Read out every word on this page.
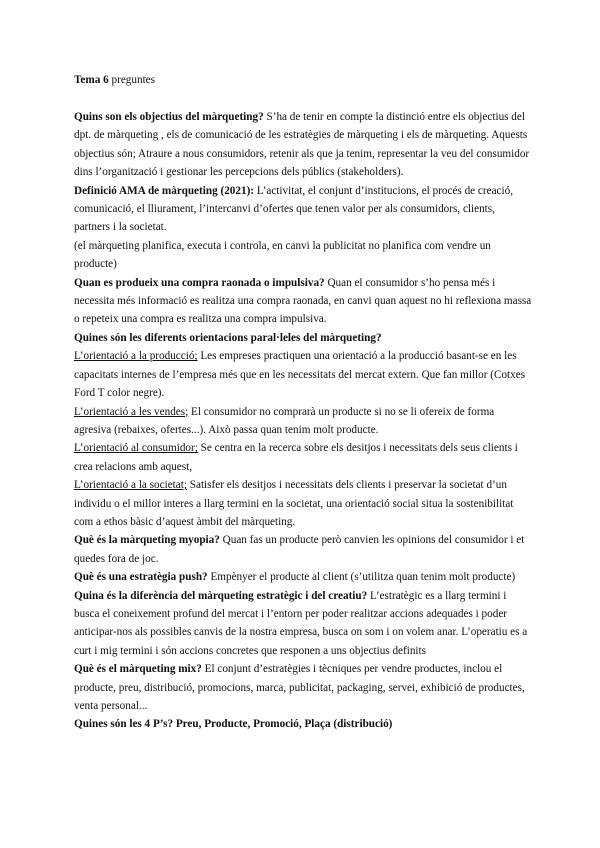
Tema 6 preguntes

Quins son els objectius del màrqueting? S’ha de tenir en compte la distinció entre els objectius del dpt. de màrqueting , els de comunicació de les estratègies de màrqueting i els de màrqueting. Aquests objectius són; Atraure a nous consumidors, retenir als que ja tenim, representar la veu del consumidor dins l’organització i gestionar les percepcions dels públics (stakeholders).

Definició AMA de màrqueting (2021): L’activitat, el conjunt d’institucions, el procés de creació, comunicació, el lliurament, l’intercanvi d’ofertes que tenen valor per als consumidors, clients, partners i la societat.

(el màrqueting planifica, executa i controla, en canvi la publicitat no planifica com vendre un producte)

Quan es produeix una compra raonada o impulsiva? Quan el consumidor s’ho pensa més i necessita més informació es realitza una compra raonada, en canvi quan aquest no hi reflexiona massa o repeteix una compra es realitza una compra impulsiva.

Quines són les diferents orientacions paral·leles del màrqueting?

L’orientació a la producció; Les empreses practiquen una orientació a la producció basant-se en les capacitats internes de l’empresa més que en les necessitats del mercat extern. Que fan millor (Cotxes Ford T color negre).

L’orientació a les vendes; El consumidor no comprarà un producte si no se li ofereix de forma agresiva (rebaixes, ofertes...). Això passa quan tenim molt producte.

L’orientació al consumidor; Se centra en la recerca sobre els desitjos i necessitats dels seus clients i crea relacions amb aquest,

L’orientació a la societat; Satisfer els desitjos i necessitats dels clients i preservar la societat d’un individu o el millor interes a llarg termini en la societat, una orientació social situa la sostenibilitat com a ethos bàsic d’aquest àmbit del màrqueting.

Què és la màrqueting myopia? Quan fas un producte però canvien les opinions del consumidor i et quedes fora de joc.

Què és una estratègia push? Empènyer el producte al client (s’utilitza quan tenim molt producte)

Quina és la diferència del màrqueting estratègic i del creatiu? L’estratègic es a llarg termini i busca el coneixement profund del mercat i l’entorn per poder realitzar accions adequades i poder anticipar-nos als possibles canvis de la nostra empresa, busca on som i on volem anar. L’operatiu es a curt i mig termini i són accions concretes que responen a uns objectius definits

Què és el màrqueting mix? El conjunt d’estratègies i tècniques per vendre productes, inclou el producte, preu, distribució, promocions, marca, publicitat, packaging, servei, exhibició de productes, venta personal...

Quines són les 4 P’s? Preu, Producte, Promoció, Plaça (distribució)
